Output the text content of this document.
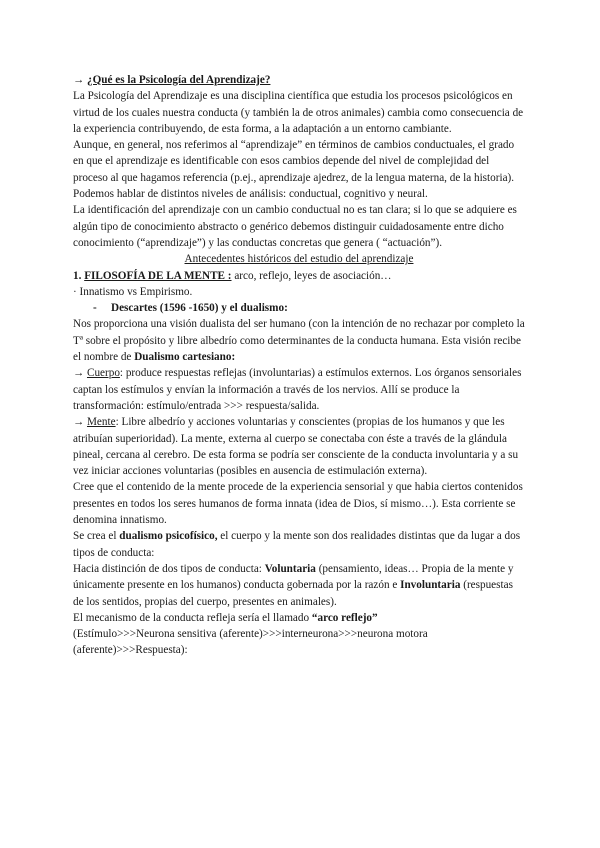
→ ¿Qué es la Psicología del Aprendizaje?

La Psicología del Aprendizaje es una disciplina científica que estudia los procesos psicológicos en virtud de los cuales nuestra conducta (y también la de otros animales) cambia como consecuencia de la experiencia contribuyendo, de esta forma, a la adaptación a un entorno cambiante.

Aunque, en general, nos referimos al “aprendizaje” en términos de cambios conductuales, el grado en que el aprendizaje es identificable con esos cambios depende del nivel de complejidad del proceso al que hagamos referencia (p.ej., aprendizaje ajedrez, de la lengua materna, de la historia). Podemos hablar de distintos niveles de análisis: conductual, cognitivo y neural.

La identificación del aprendizaje con un cambio conductual no es tan clara; si lo que se adquiere es algún tipo de conocimiento abstracto o genérico debemos distinguir cuidadosamente entre dicho conocimiento (“aprendizaje”) y las conductas concretas que genera ( “actuación”).

Antecedentes históricos del estudio del aprendizaje

1. FILOSOFÍA DE LA MENTE : arco, reflejo, leyes de asociación…

· Innatismo vs Empirismo.

- Descartes (1596 -1650) y el dualismo:

Nos proporciona una visión dualista del ser humano (con la intención de no rechazar por completo la Tª sobre el propósito y libre albedrío como determinantes de la conducta humana. Esta visión recibe el nombre de Dualismo cartesiano:

→ Cuerpo: produce respuestas reflejas (involuntarias) a estímulos externos. Los órganos sensoriales captan los estímulos y envían la información a través de los nervios. Allí se produce la transformación: estímulo/entrada >>> respuesta/salida.

→ Mente: Libre albedrío y acciones voluntarias y conscientes (propias de los humanos y que les atribuían superioridad). La mente, externa al cuerpo se conectaba con éste a través de la glándula pineal, cercana al cerebro. De esta forma se podría ser consciente de la conducta involuntaria y a su vez iniciar acciones voluntarias (posibles en ausencia de estimulación externa).

Cree que el contenido de la mente procede de la experiencia sensorial y que habia ciertos contenidos presentes en todos los seres humanos de forma innata (idea de Dios, sí mismo…). Esta corriente se denomina innatismo.

Se crea el dualismo psicofísico, el cuerpo y la mente son dos realidades distintas que da lugar a dos tipos de conducta:

Hacia distinción de dos tipos de conducta: Voluntaria (pensamiento, ideas… Propia de la mente y únicamente presente en los humanos) conducta gobernada por la razón e Involuntaria (respuestas de los sentidos, propias del cuerpo, presentes en animales).

El mecanismo de la conducta refleja sería el llamado “arco reflejo”

(Estímulo>>>Neurona sensitiva (aferente)>>>interneurona>>>neurona motora (aferente)>>>Respuesta):
